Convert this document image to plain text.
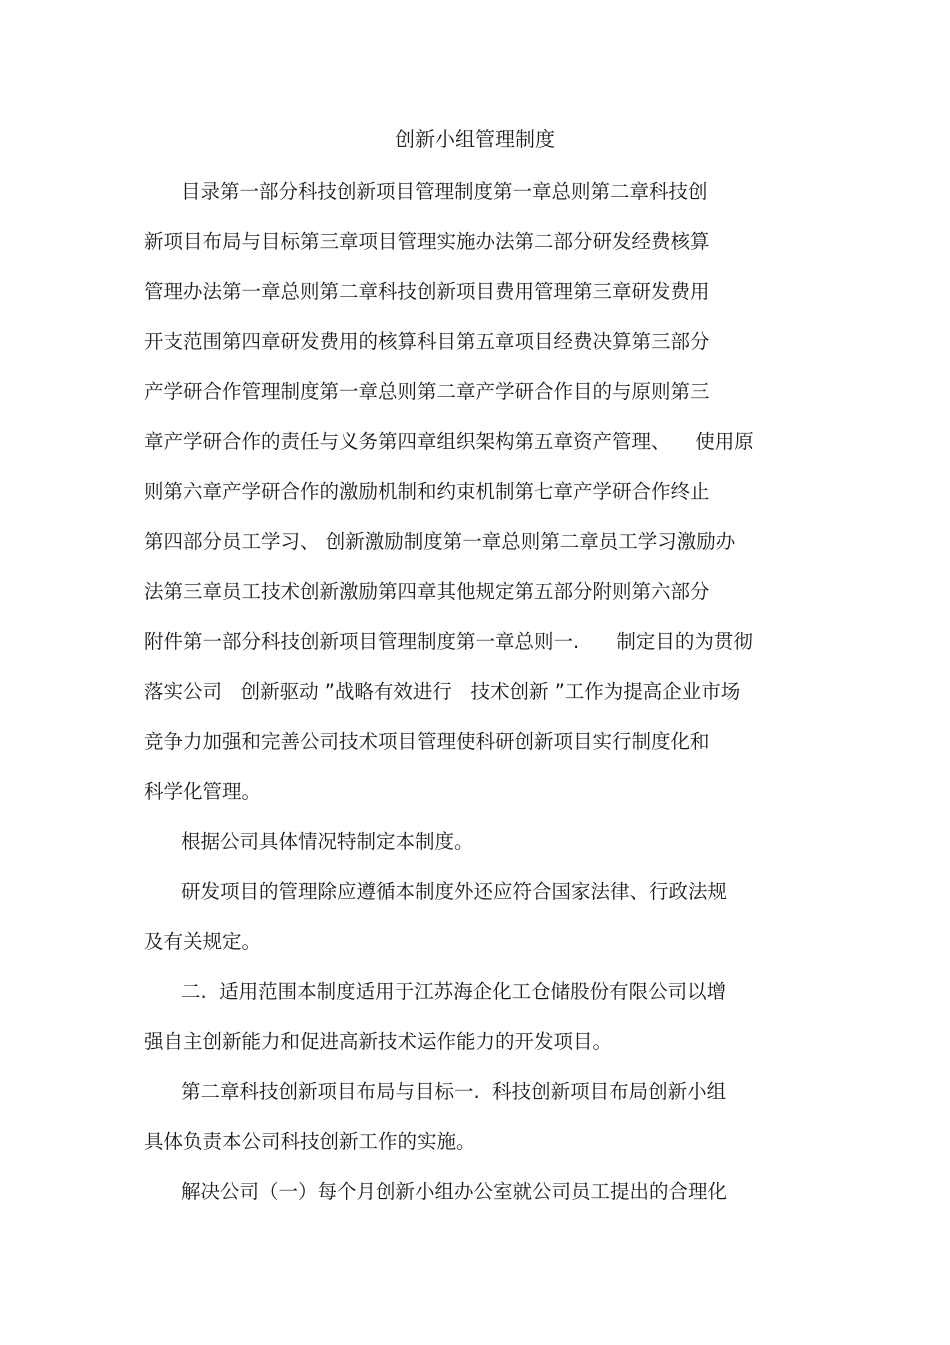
创新小组管理制度
目录第一部分科技创新项目管理制度第一章总则第二章科技创
新项目布局与目标第三章项目管理实施办法第二部分研发经费核算
管理办法第一章总则第二章科技创新项目费用管理第三章研发费用
开支范围第四章研发费用的核算科目第五章项目经费决算第三部分
产学研合作管理制度第一章总则第二章产学研合作目的与原则第三
章产学研合作的责任与义务第四章组织架构第五章资产管理、    使用原
则第六章产学研合作的激励机制和约束机制第七章产学研合作终止
第四部分员工学习、 创新激励制度第一章总则第二章员工学习激励办
法第三章员工技术创新激励第四章其他规定第五部分附则第六部分
附件第一部分科技创新项目管理制度第一章总则一.      制定目的为贯彻
落实公司   创新驱动 ”战略有效进行   技术创新 ”工作为提高企业市场
竞争力加强和完善公司技术项目管理使科研创新项目实行制度化和
科学化管理。
根据公司具体情况特制定本制度。
研发项目的管理除应遵循本制度外还应符合国家法律、行政法规
及有关规定。
二.  适用范围本制度适用于江苏海企化工仓储股份有限公司以增
强自主创新能力和促进高新技术运作能力的开发项目。
第二章科技创新项目布局与目标一.  科技创新项目布局创新小组
具体负责本公司科技创新工作的实施。
解决公司（一）每个月创新小组办公室就公司员工提出的合理化
